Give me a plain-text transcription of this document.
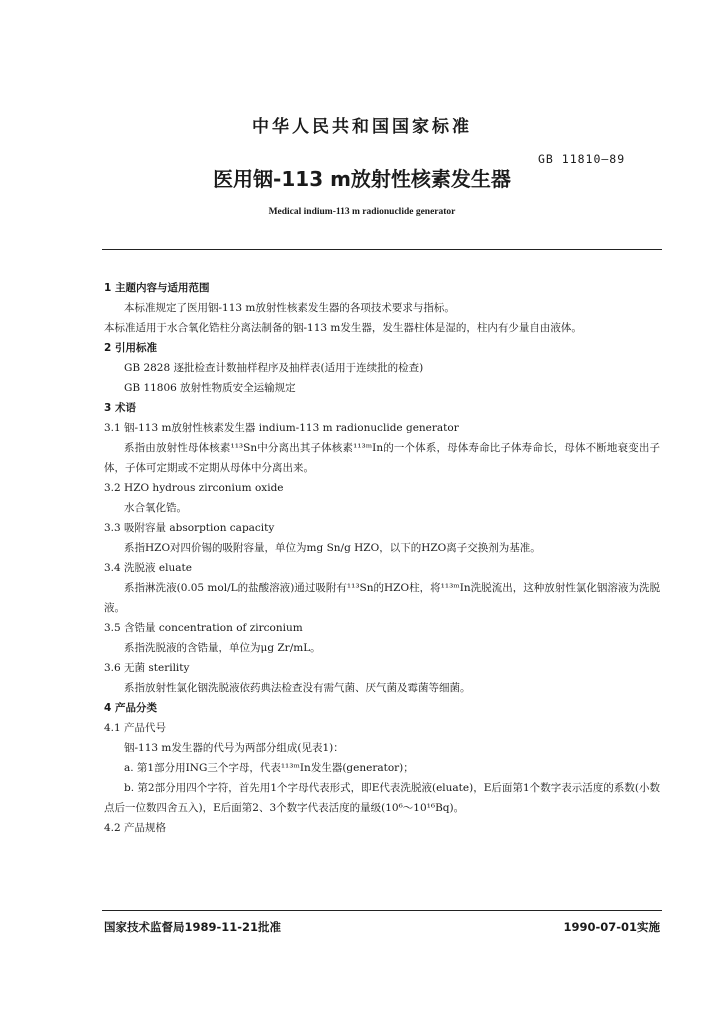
中华人民共和国国家标准
GB 11810—89
医用铟-113 m放射性核素发生器
Medical indium-113 m radionuclide generator

1 主题内容与适用范围

本标准规定了医用铟-113 m放射性核素发生器的各项技术要求与指标。

本标准适用于水合氧化锆柱分离法制备的铟-113 m发生器，发生器柱体是湿的，柱内有少量自由液体。

2 引用标准

GB 2828 逐批检查计数抽样程序及抽样表(适用于连续批的检查)

GB 11806 放射性物质安全运输规定

3 术语

3.1 铟-113 m放射性核素发生器 indium-113 m radionuclide generator

系指由放射性母体核素¹¹³Sn中分离出其子体核素¹¹³ᵐIn的一个体系，母体寿命比子体寿命长，母体不断地衰变出子体，子体可定期或不定期从母体中分离出来。

3.2 HZO hydrous zirconium oxide

水合氧化锆。

3.3 吸附容量 absorption capacity

系指HZO对四价锡的吸附容量，单位为mg Sn/g HZO，以下的HZO离子交换剂为基准。

3.4 洗脱液 eluate

系指淋洗液(0.05 mol/L的盐酸溶液)通过吸附有¹¹³Sn的HZO柱，将¹¹³ᵐIn洗脱流出，这种放射性氯化铟溶液为洗脱液。

3.5 含锆量 concentration of zirconium

系指洗脱液的含锆量，单位为μg Zr/mL。

3.6 无菌 sterility

系指放射性氯化铟洗脱液依药典法检查没有需气菌、厌气菌及霉菌等细菌。

4 产品分类

4.1 产品代号

铟-113 m发生器的代号为两部分组成(见表1)：

a. 第1部分用ING三个字母，代表¹¹³ᵐIn发生器(generator)；

b. 第2部分用四个字符，首先用1个字母代表形式，即E代表洗脱液(eluate)，E后面第1个数字表示活度的系数(小数点后一位数四舍五入)，E后面第2、3个数字代表活度的量级(10⁶～10¹⁶Bq)。

4.2 产品规格

国家技术监督局1989-11-21批准	1990-07-01实施
